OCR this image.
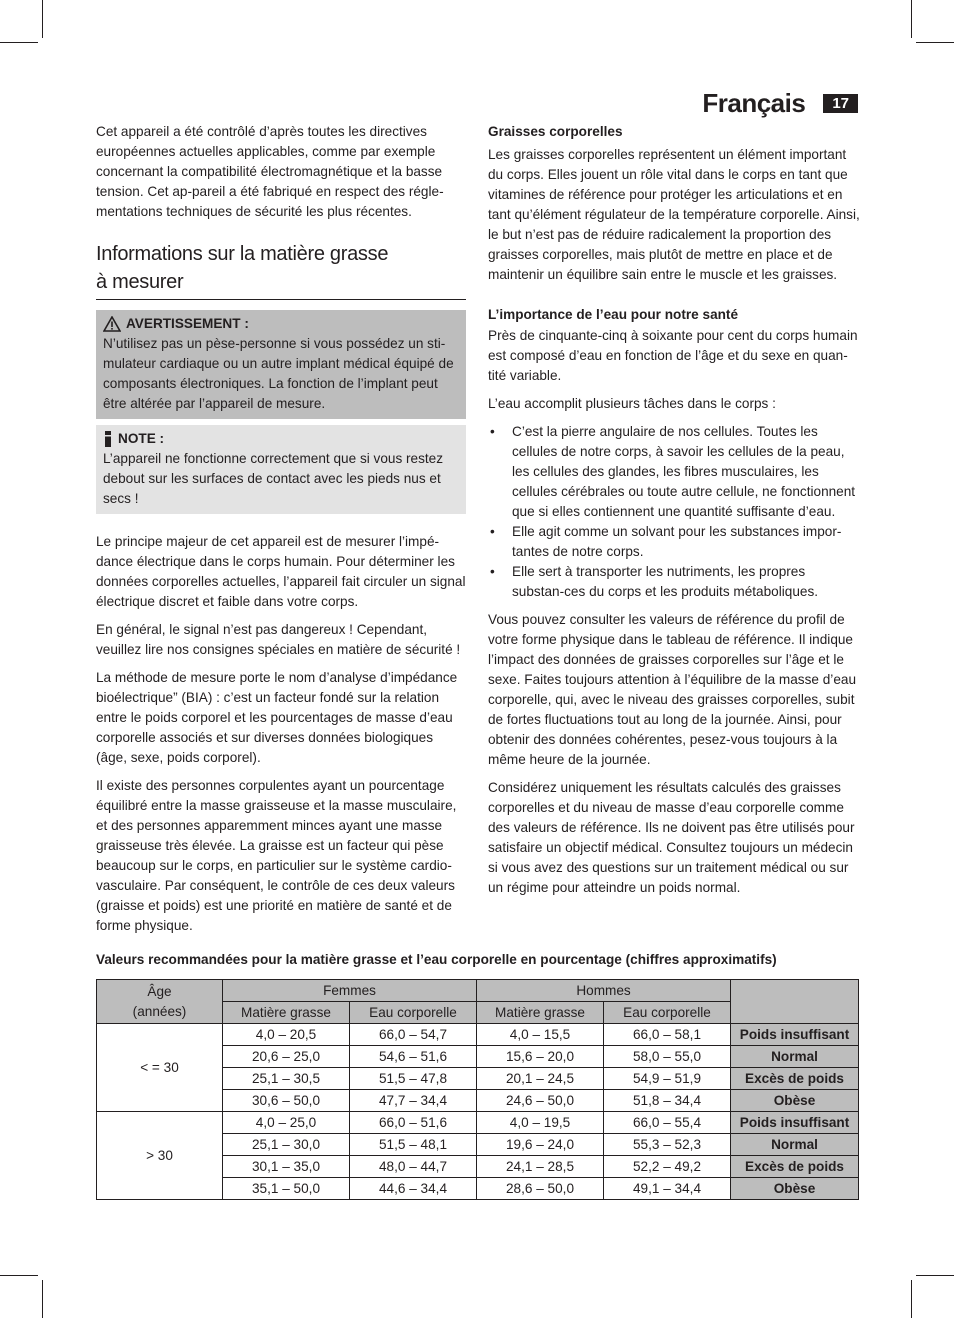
Français	17

Cet appareil a été contrôlé d’après toutes les directives européennes actuelles applicables, comme par exemple concernant la compatibilité électromagnétique et la basse tension. Cet ap-pareil a été fabriqué en respect des régle-mentations techniques de sécurité les plus récentes.

Informations sur la matière grasse
à mesurer
AVERTISSEMENT :
N’utilisez pas un pèse-personne si vous possédez un sti-mulateur cardiaque ou un autre implant médical équipé de composants électroniques. La fonction de l’implant peut être altérée par l’appareil de mesure.
NOTE :
L’appareil ne fonctionne correctement que si vous restez debout sur les surfaces de contact avec les pieds nus et secs !

Le principe majeur de cet appareil est de mesurer l’impé-dance électrique dans le corps humain. Pour déterminer les données corporelles actuelles, l’appareil fait circuler un signal électrique discret et faible dans votre corps.

En général, le signal n’est pas dangereux ! Cependant, veuillez lire nos consignes spéciales en matière de sécurité !

La méthode de mesure porte le nom d’analyse d’impédance bioélectrique” (BIA) : c’est un facteur fondé sur la relation entre le poids corporel et les pourcentages de masse d’eau corporelle associés et sur diverses données biologiques (âge, sexe, poids corporel).

Il existe des personnes corpulentes ayant un pourcentage équilibré entre la masse graisseuse et la masse musculaire, et des personnes apparemment minces ayant une masse graisseuse très élevée. La graisse est un facteur qui pèse beaucoup sur le corps, en particulier sur le système cardio-vasculaire. Par conséquent, le contrôle de ces deux valeurs (graisse et poids) est une priorité en matière de santé et de forme physique.

Graisses corporelles

Les graisses corporelles représentent un élément important du corps. Elles jouent un rôle vital dans le corps en tant que vitamines de référence pour protéger les articulations et en tant qu’élément régulateur de la température corporelle. Ainsi, le but n’est pas de réduire radicalement la proportion des graisses corporelles, mais plutôt de mettre en place et de maintenir un équilibre sain entre le muscle et les graisses.

L’importance de l’eau pour notre santé

Près de cinquante-cinq à soixante pour cent du corps humain est composé d’eau en fonction de l’âge et du sexe en quan-tité variable.

L’eau accomplit plusieurs tâches dans le corps :

• C’est la pierre angulaire de nos cellules. Toutes les cellules de notre corps, à savoir les cellules de la peau, les cellules des glandes, les fibres musculaires, les cellules cérébrales ou toute autre cellule, ne fonctionnent que si elles contiennent une quantité suffisante d’eau.
• Elle agit comme un solvant pour les substances impor-tantes de notre corps.
• Elle sert à transporter les nutriments, les propres substan-ces du corps et les produits métaboliques.

Vous pouvez consulter les valeurs de référence du profil de votre forme physique dans le tableau de référence. Il indique l’impact des données de graisses corporelles sur l’âge et le sexe. Faites toujours attention à l’équilibre de la masse d’eau corporelle, qui, avec le niveau des graisses corporelles, subit de fortes fluctuations tout au long de la journée. Ainsi, pour obtenir des données cohérentes, pesez-vous toujours à la même heure de la journée.

Considérez uniquement les résultats calculés des graisses corporelles et du niveau de masse d’eau corporelle comme des valeurs de référence. Ils ne doivent pas être utilisés pour satisfaire un objectif médical. Consultez toujours un médecin si vous avez des questions sur un traitement médical ou sur un régime pour atteindre un poids normal.

Valeurs recommandées pour la matière grasse et l’eau corporelle en pourcentage (chiffres approximatifs)
Âge
(années)	Femmes		Hommes		
	Matière grasse	Eau corporelle	Matière grasse	Eau corporelle	
< = 30	4,0 – 20,5	66,0 – 54,7	4,0 – 15,5	66,0 – 58,1	Poids insuffisant
	20,6 – 25,0	54,6 – 51,6	15,6 – 20,0	58,0 – 55,0	Normal
	25,1 – 30,5	51,5 – 47,8	20,1 – 24,5	54,9 – 51,9	Excès de poids
	30,6 – 50,0	47,7 – 34,4	24,6 – 50,0	51,8 – 34,4	Obèse
> 30	4,0 – 25,0	66,0 – 51,6	4,0 – 19,5	66,0 – 55,4	Poids insuffisant
	25,1 – 30,0	51,5 – 48,1	19,6 – 24,0	55,3 – 52,3	Normal
	30,1 – 35,0	48,0 – 44,7	24,1 – 28,5	52,2 – 49,2	Excès de poids
	35,1 – 50,0	44,6 – 34,4	28,6 – 50,0	49,1 – 34,4	Obèse
